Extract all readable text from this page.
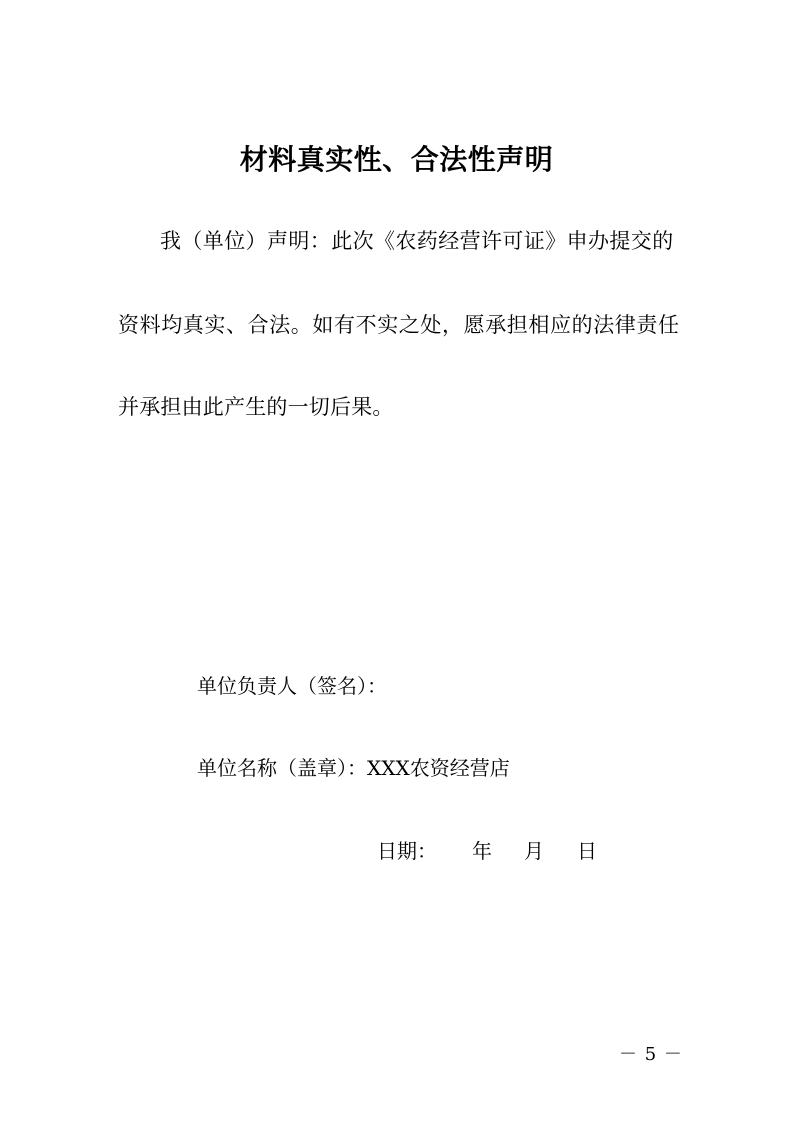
材料真实性、合法性声明
我（单位）声明：此次《农药经营许可证》申办提交的
资料均真实、合法。如有不实之处，愿承担相应的法律责任
并承担由此产生的一切后果。
单位负责人（签名）：
单位名称（盖章）：XXX农资经营店
日期： 年 月 日
－ 5 －
